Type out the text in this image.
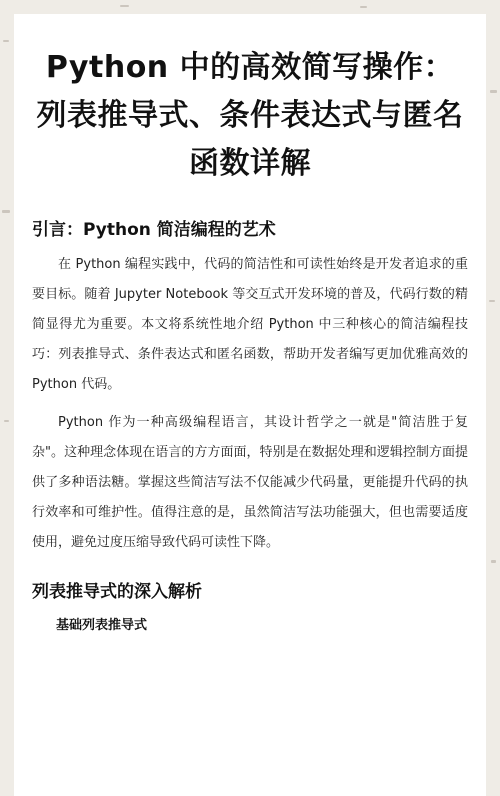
Python 中的高效简写操作：列表推导式、条件表达式与匿名函数详解
引言：Python 简洁编程的艺术

在 Python 编程实践中，代码的简洁性和可读性始终是开发者追求的重要目标。随着 Jupyter Notebook 等交互式开发环境的普及，代码行数的精简显得尤为重要。本文将系统性地介绍 Python 中三种核心的简洁编程技巧：列表推导式、条件表达式和匿名函数，帮助开发者编写更加优雅高效的 Python 代码。

Python 作为一种高级编程语言，其设计哲学之一就是"简洁胜于复杂"。这种理念体现在语言的方方面面，特别是在数据处理和逻辑控制方面提供了多种语法糖。掌握这些简洁写法不仅能减少代码量，更能提升代码的执行效率和可维护性。值得注意的是，虽然简洁写法功能强大，但也需要适度使用，避免过度压缩导致代码可读性下降。

列表推导式的深入解析
基础列表推导式
